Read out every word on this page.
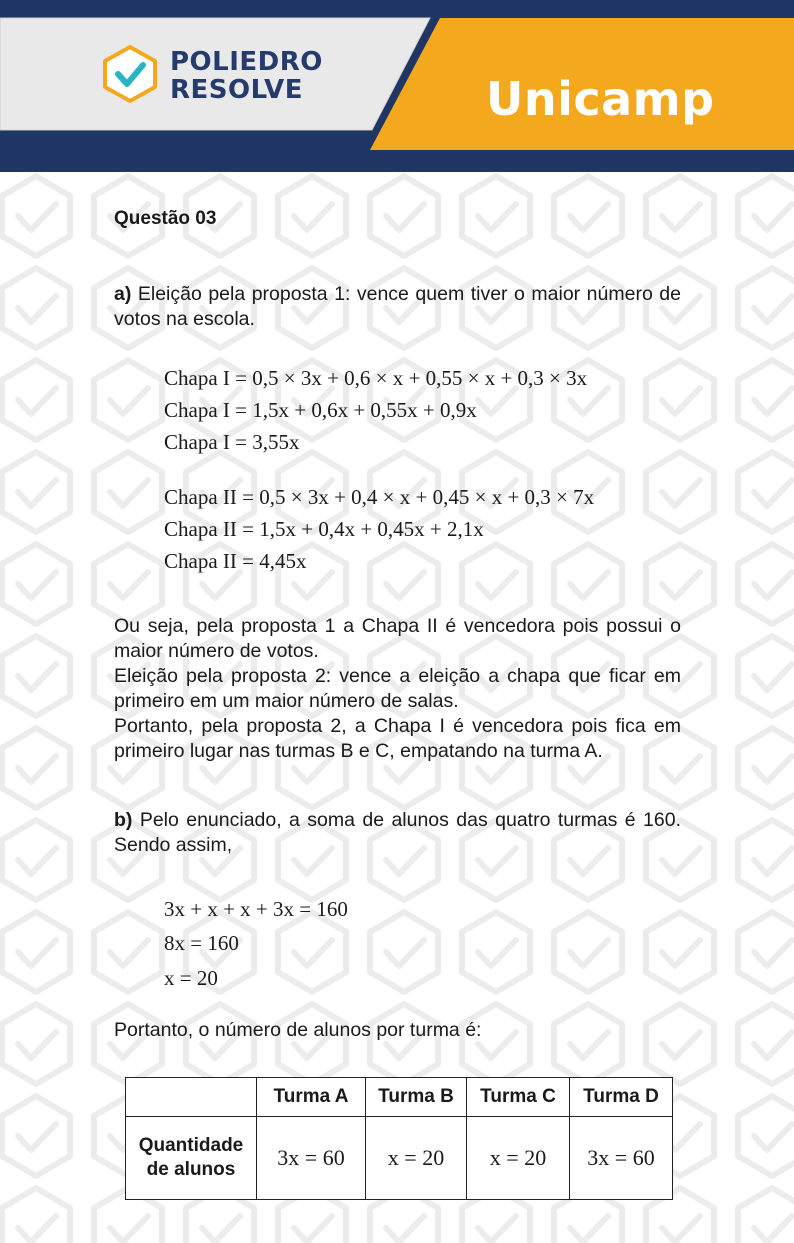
POLIEDRO
RESOLVE	Unicamp
Questão 03
a) Eleição pela proposta 1: vence quem tiver o maior número de votos na escola.
Chapa I = 0,5 × 3x + 0,6 × x + 0,55 × x + 0,3 × 3x
Chapa I = 1,5x + 0,6x + 0,55x + 0,9x
Chapa I = 3,55x
Chapa II = 0,5 × 3x + 0,4 × x + 0,45 × x + 0,3 × 7x
Chapa II = 1,5x + 0,4x + 0,45x + 2,1x
Chapa II = 4,45x
Ou seja, pela proposta 1 a Chapa II é vencedora pois possui o maior número de votos.
Eleição pela proposta 2: vence a eleição a chapa que ficar em primeiro em um maior número de salas.
Portanto, pela proposta 2, a Chapa I é vencedora pois fica em primeiro lugar nas turmas B e C, empatando na turma A.
b) Pelo enunciado, a soma de alunos das quatro turmas é 160. Sendo assim,
3x + x + x + 3x = 160
8x = 160
x = 20
Portanto, o número de alunos por turma é:
	Turma A	Turma B	Turma C	Turma D
Quantidade de alunos	3x = 60	x = 20	x = 20	3x = 60
